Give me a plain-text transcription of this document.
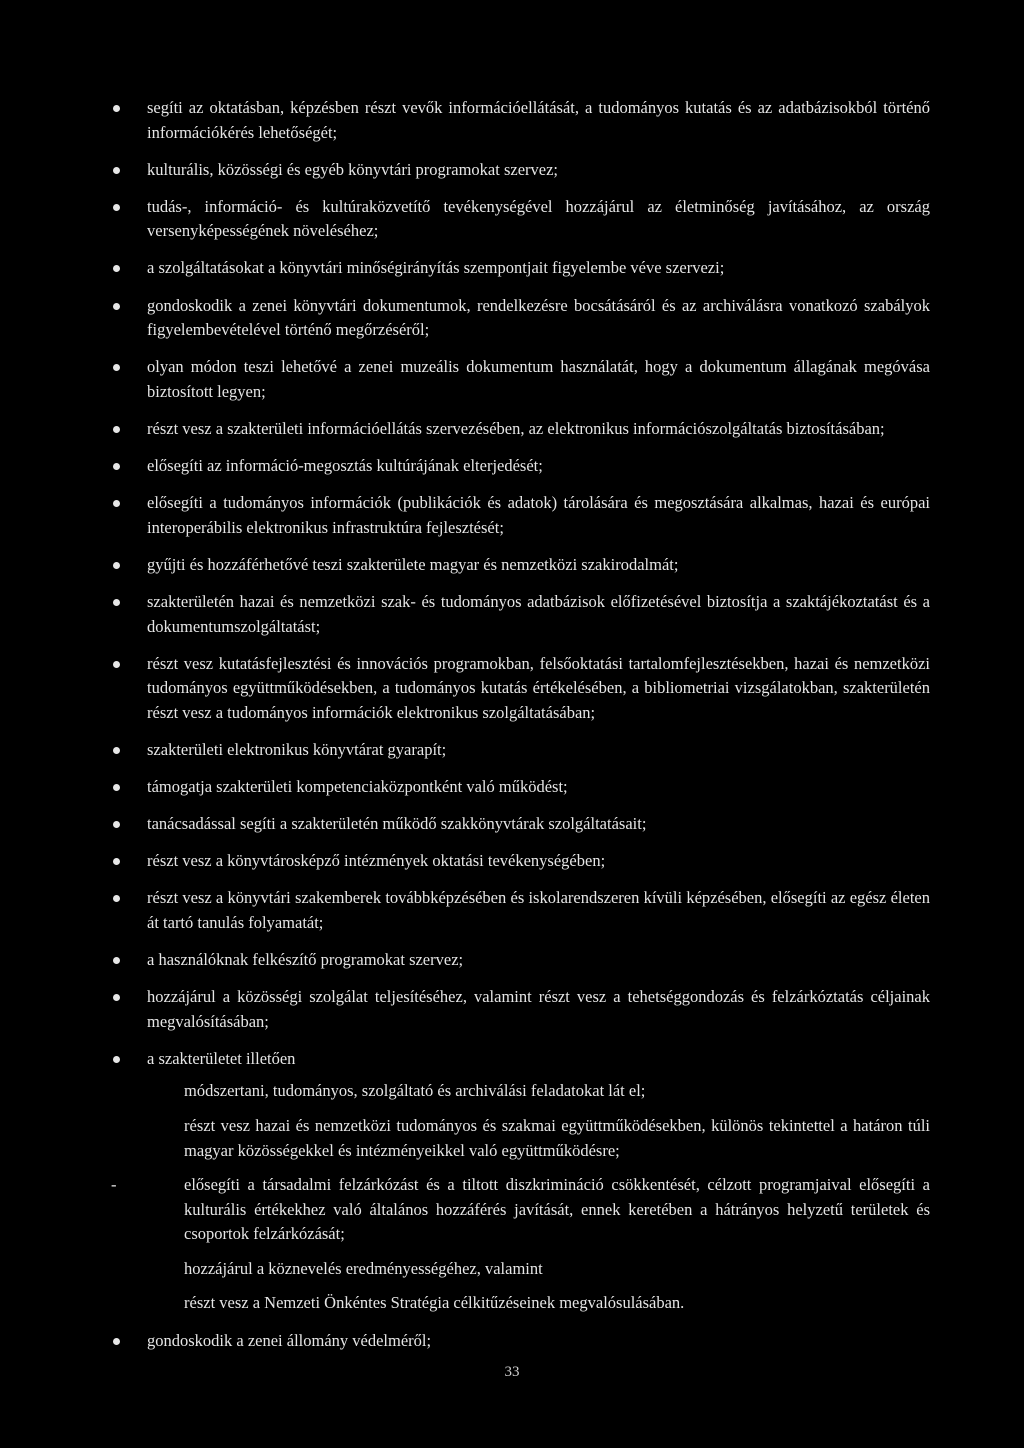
segíti az oktatásban, képzésben részt vevők információellátását, a tudományos kutatás és az adatbázisokból történő információkérés lehetőségét;
kulturális, közösségi és egyéb könyvtári programokat szervez;
tudás-, információ- és kultúraközvetítő tevékenységével hozzájárul az életminőség javításához, az ország versenyképességének növeléséhez;
a szolgáltatásokat a könyvtári minőségirányítás szempontjait figyelembe véve szervezi;
gondoskodik a zenei könyvtári dokumentumok, rendelkezésre bocsátásáról és az archiválásra vonatkozó szabályok figyelembevételével történő megőrzéséről;
olyan módon teszi lehetővé a zenei muzeális dokumentum használatát, hogy a dokumentum állagának megóvása biztosított legyen;
részt vesz a szakterületi információellátás szervezésében, az elektronikus információszolgáltatás biztosításában;
elősegíti az információ-megosztás kultúrájának elterjedését;
elősegíti a tudományos információk (publikációk és adatok) tárolására és megosztására alkalmas, hazai és európai interoperábilis elektronikus infrastruktúra fejlesztését;
gyűjti és hozzáférhetővé teszi szakterülete magyar és nemzetközi szakirodalmát;
szakterületén hazai és nemzetközi szak- és tudományos adatbázisok előfizetésével biztosítja a szaktájékoztatást és a dokumentumszolgáltatást;
részt vesz kutatásfejlesztési és innovációs programokban, felsőoktatási tartalomfejlesztésekben, hazai és nemzetközi tudományos együttműködésekben, a tudományos kutatás értékelésében, a bibliometriai vizsgálatokban, szakterületén részt vesz a tudományos információk elektronikus szolgáltatásában;
szakterületi elektronikus könyvtárat gyarapít;
támogatja szakterületi kompetenciaközpontként való működést;
tanácsadással segíti a szakterületén működő szakkönyvtárak szolgáltatásait;
részt vesz a könyvtárosképző intézmények oktatási tevékenységében;
részt vesz a könyvtári szakemberek továbbképzésében és iskolarendszeren kívüli képzésében, elősegíti az egész életen át tartó tanulás folyamatát;
a használóknak felkészítő programokat szervez;
hozzájárul a közösségi szolgálat teljesítéséhez, valamint részt vesz a tehetséggondozás és felzárkóztatás céljainak megvalósításában;
a szakterületet illetően
módszertani, tudományos, szolgáltató és archiválási feladatokat lát el;
részt vesz hazai és nemzetközi tudományos és szakmai együttműködésekben, különös tekintettel a határon túli magyar közösségekkel és intézményeikkel való együttműködésre;
-	elősegíti a társadalmi felzárkózást és a tiltott diszkrimináció csökkentését, célzott programjaival elősegíti a kulturális értékekhez való általános hozzáférés javítását, ennek keretében a hátrányos helyzetű területek és csoportok felzárkózását;
hozzájárul a köznevelés eredményességéhez, valamint
részt vesz a Nemzeti Önkéntes Stratégia célkitűzéseinek megvalósulásában.
gondoskodik a zenei állomány védelméről;
33
